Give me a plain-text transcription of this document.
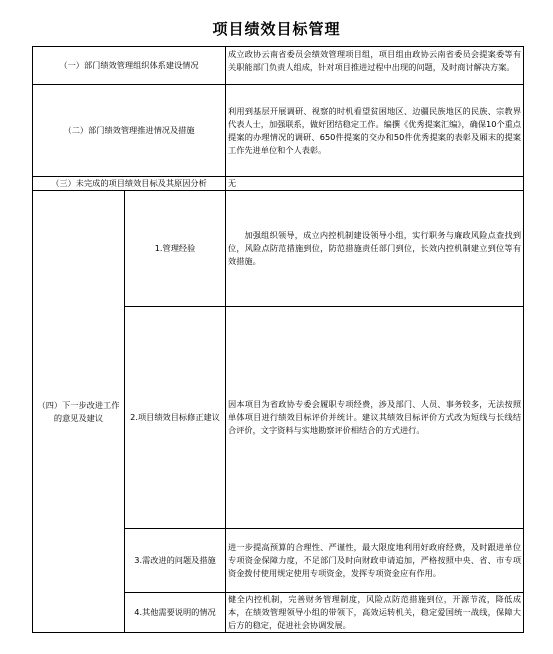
项目绩效目标管理
（一）部门绩效管理组织体系建设情况		成立政协云南省委员会绩效管理项目组，项目组由政协云南省委员会提案委等有关职能部门负责人组成，针对项目推进过程中出现的问题，及时商讨解决方案。
（二）部门绩效管理推进情况及措施		利用到基层开展调研、视察的时机看望贫困地区、边疆民族地区的民族、宗教界代表人士，加强联系，做好团结稳定工作。编撰《优秀提案汇编》，确保10个重点提案的办理情况的调研、650件提案的交办和50件优秀提案的表彰及厢末的提案工作先进单位和个人表彰。
（三）未完成的项目绩效目标及其原因分析		无
（四）下一步改进工作的意见及建议	1.管理经验	加强组织领导，成立内控机制建设领导小组，实行职务与廉政风险点查找到位，风险点防范措施到位，防范措施责任部门到位，长效内控机制建立到位等有效措施。
	2.项目绩效目标修正建议	因本项目为省政协专委会履职专项经费，涉及部门、人员、事务较多，无法按照单体项目进行绩效目标评价并统计。建议其绩效目标评价方式改为短线与长线结合评价，文字资料与实地勘察评价相结合的方式进行。
	3.需改进的问题及措施	进一步提高预算的合理性、严谨性，最大限度地利用好政府经费，及时跟进单位专项资金保障力度，不足部门及时向财政申请追加，严格按照中央、省、市专项资金拨付使用规定使用专项资金，发挥专项资金应有作用。
	4.其他需要说明的情况	健全内控机制，完善财务管理制度，风险点防范措施到位，开源节流，降低成本，在绩效管理领导小组的带领下，高效运转机关，稳定爱国统一战线，保障大后方的稳定，促进社会协调发展。
